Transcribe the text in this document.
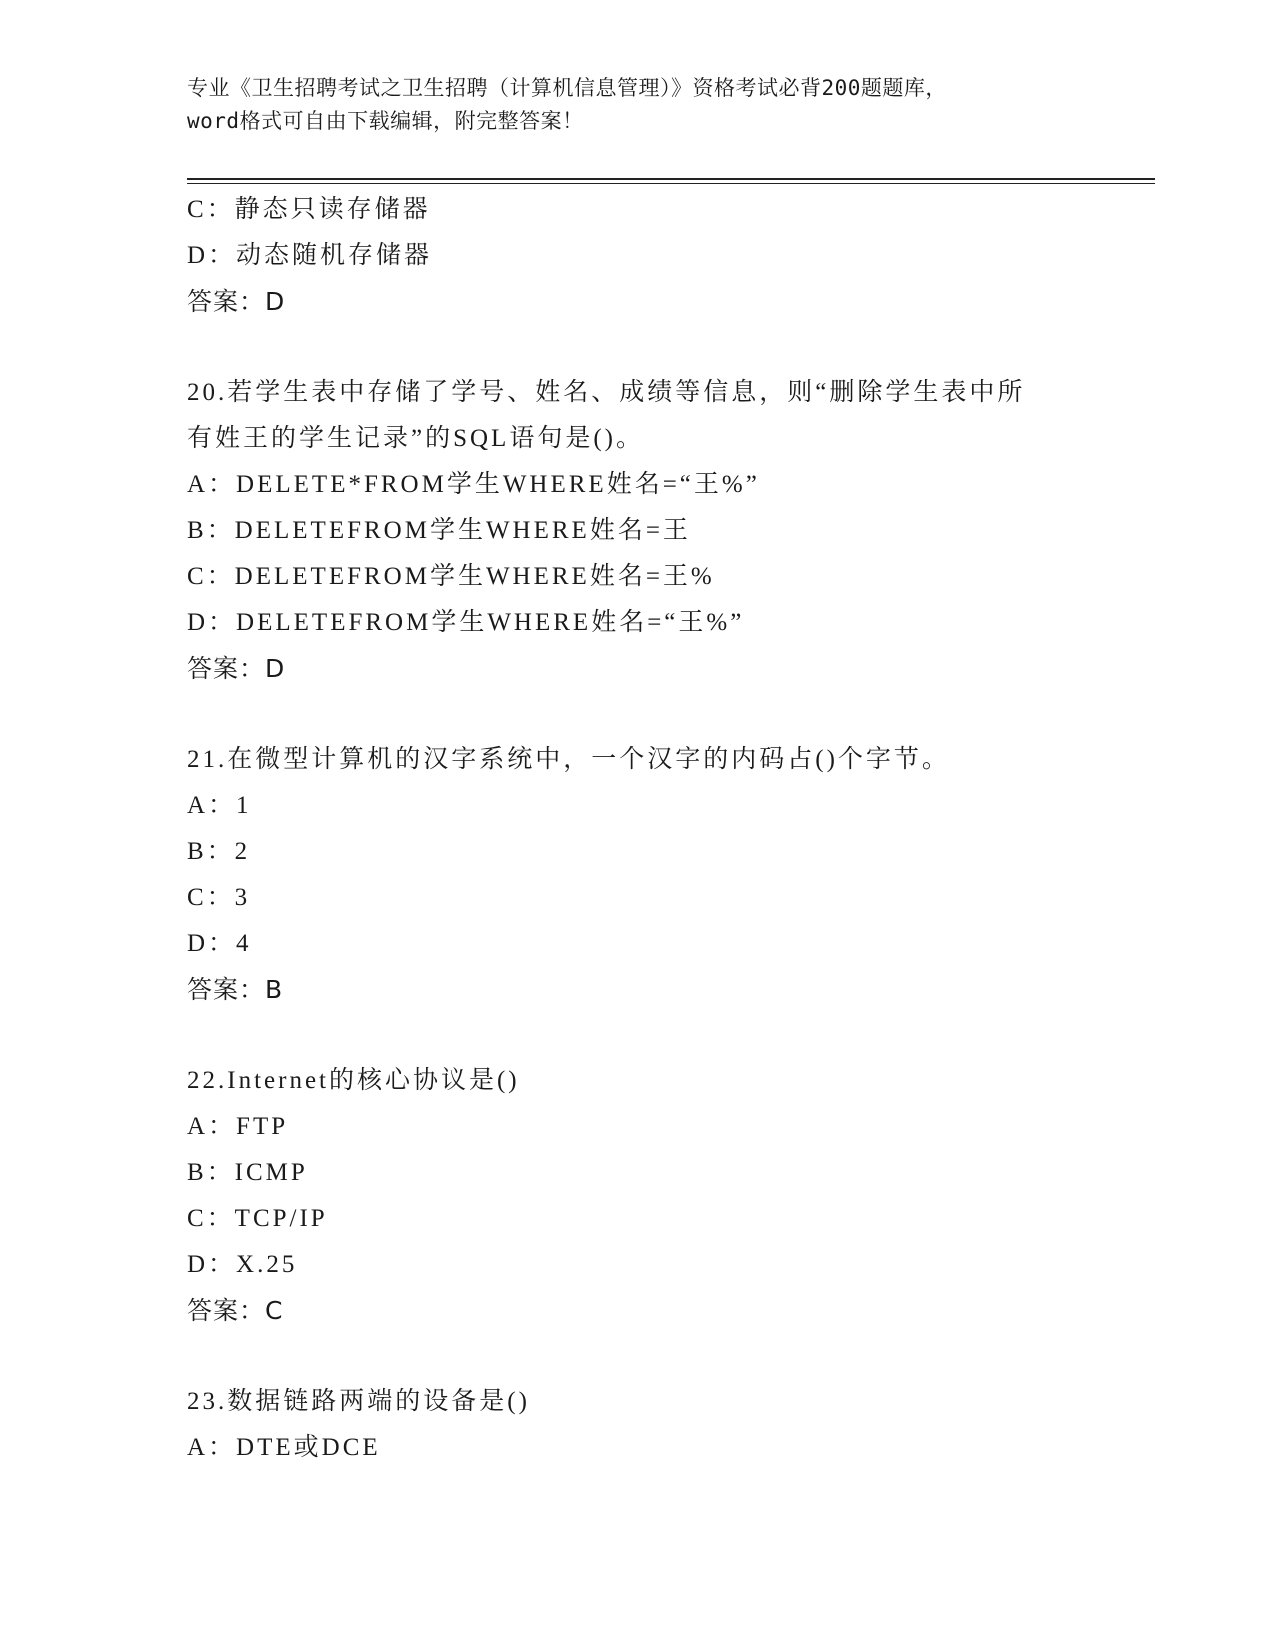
专业《卫生招聘考试之卫生招聘（计算机信息管理）》资格考试必背200题题库，
word格式可自由下载编辑，附完整答案！
C：静态只读存储器
D：动态随机存储器
答案：D
20.若学生表中存储了学号、姓名、成绩等信息，则“删除学生表中所
有姓王的学生记录”的SQL语句是()。
A：DELETE*FROM学生WHERE姓名=“王%”
B：DELETEFROM学生WHERE姓名=王
C：DELETEFROM学生WHERE姓名=王%
D：DELETEFROM学生WHERE姓名=“王%”
答案：D
21.在微型计算机的汉字系统中，一个汉字的内码占()个字节。
A：1
B：2
C：3
D：4
答案：B
22.Internet的核心协议是()
A：FTP
B：ICMP
C：TCP/IP
D：X.25
答案：C
23.数据链路两端的设备是()
A：DTE或DCE
